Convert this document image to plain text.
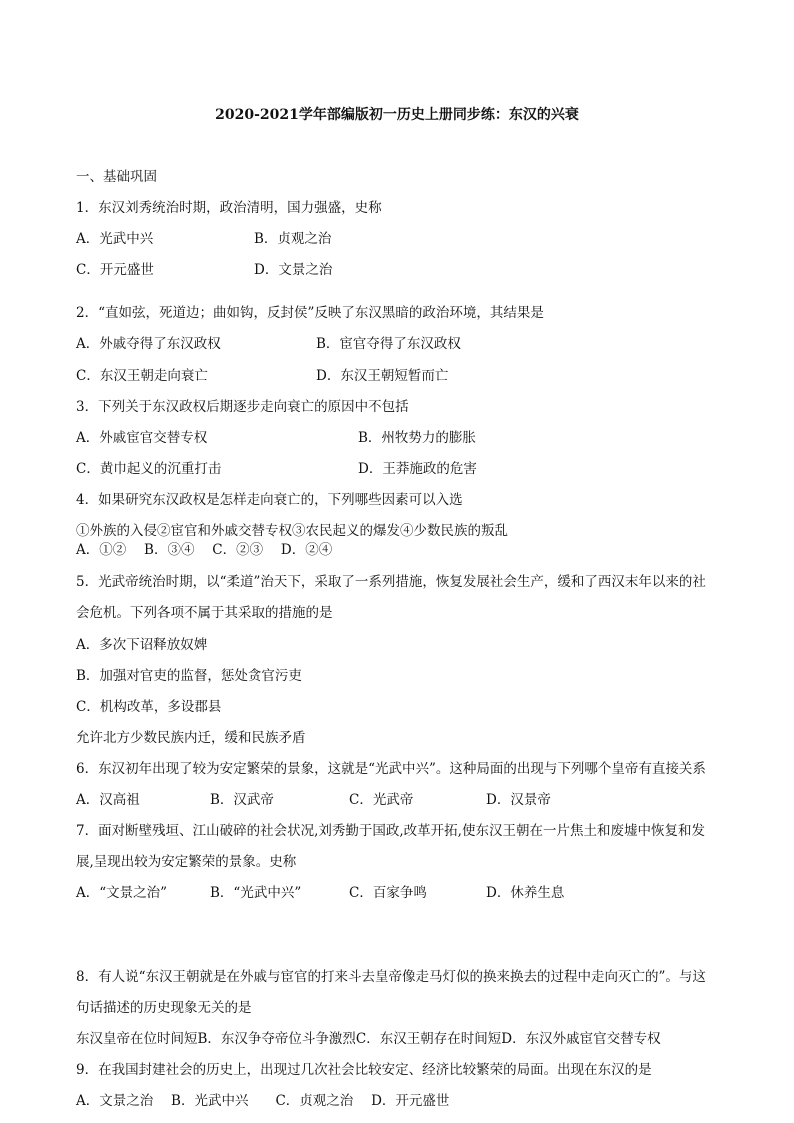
2020-2021学年部编版初一历史上册同步练：东汉的兴衰
一、基础巩固
1．东汉刘秀统治时期，政治清明，国力强盛，史称
A．光武中兴	B．贞观之治
C．开元盛世	D．文景之治
2．“直如弦，死道边；曲如钩，反封侯”反映了东汉黑暗的政治环境，其结果是
A．外戚夺得了东汉政权	B．宦官夺得了东汉政权
C．东汉王朝走向衰亡	D．东汉王朝短暂而亡
3．下列关于东汉政权后期逐步走向衰亡的原因中不包括
A．外戚宦官交替专权	B．州牧势力的膨胀
C．黄巾起义的沉重打击	D．王莽施政的危害
4．如果研究东汉政权是怎样走向衰亡的，下列哪些因素可以入选
①外族的入侵②宦官和外戚交替专权③农民起义的爆发④少数民族的叛乱
A．①②　 B．③④　 C．②③　 D．②④
5．光武帝统治时期，以“柔道”治天下，采取了一系列措施，恢复发展社会生产，缓和了西汉末年以来的社
会危机。下列各项不属于其采取的措施的是
A．多次下诏释放奴婢
B．加强对官吏的监督，惩处贪官污吏
C．机构改革，多设郡县
允许北方少数民族内迁，缓和民族矛盾
6．东汉初年出现了较为安定繁荣的景象，这就是“光武中兴”。这种局面的出现与下列哪个皇帝有直接关系
A．汉高祖	B．汉武帝	C．光武帝	D．汉景帝
7．面对断壁残垣、江山破碎的社会状况,刘秀勤于国政,改革开拓,使东汉王朝在一片焦土和废墟中恢复和发
展,呈现出较为安定繁荣的景象。史称
A．“文景之治”	B．“光武中兴”	C．百家争鸣	D．休养生息
8．有人说“东汉王朝就是在外戚与宦官的打来斗去皇帝像走马灯似的换来换去的过程中走向灭亡的”。与这
句话描述的历史现象无关的是
东汉皇帝在位时间短B．东汉争夺帝位斗争激烈C．东汉王朝存在时间短D．东汉外戚宦官交替专权
9．在我国封建社会的历史上，出现过几次社会比较安定、经济比较繁荣的局面。出现在东汉的是
A．文景之治　 B．光武中兴　　C．贞观之治　 D．开元盛世
